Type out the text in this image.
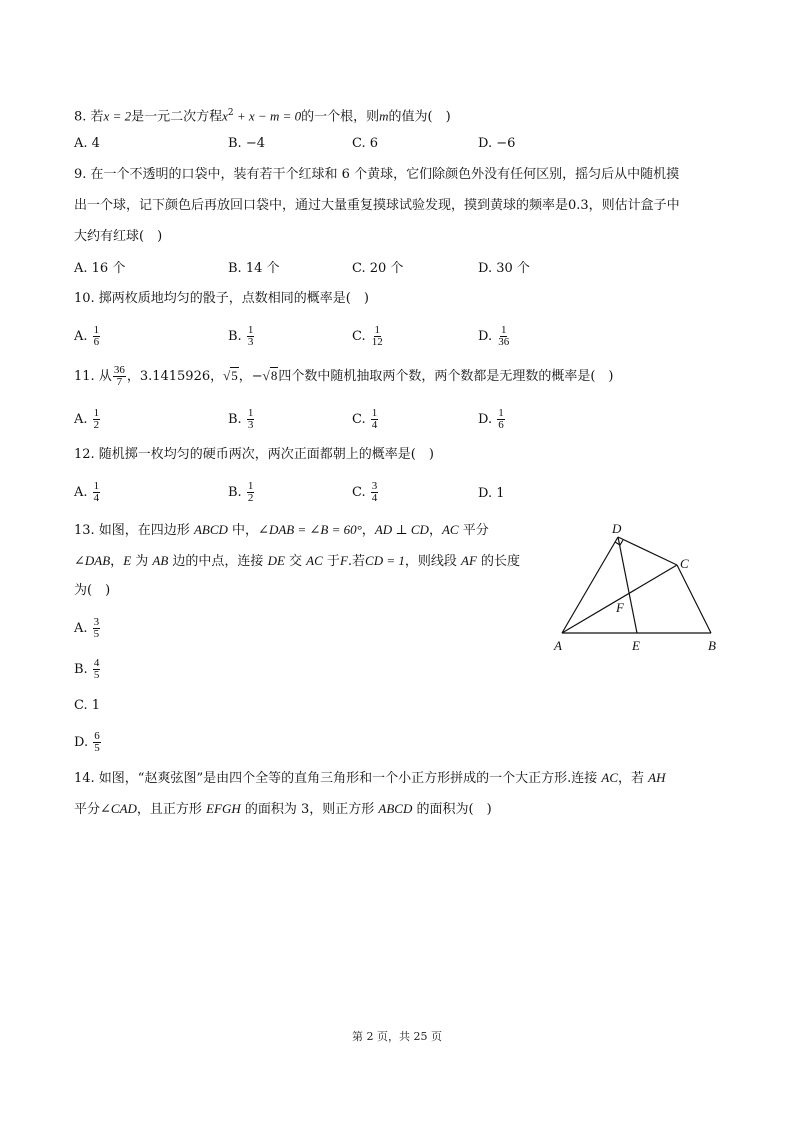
8. 若x = 2是一元二次方程$x^2 + x - m = 0$的一个根，则m的值为(　)
A. 4	B. −4	C. 6	D. −6
9. 在一个不透明的口袋中，装有若干个红球和 6 个黄球，它们除颜色外没有任何区别，摇匀后从中随机摸
出一个球，记下颜色后再放回口袋中，通过大量重复摸球试验发现，摸到黄球的频率是0.3，则估计盒子中
大约有红球(　)
A. 16 个	B. 14 个	C. 20 个	D. 30 个
10. 掷两枚质地均匀的骰子，点数相同的概率是(　)
A. $\frac{1}{6}$	B. $\frac{1}{3}$	C. $\frac{1}{12}$	D. $\frac{1}{36}$
11. 从 $\frac{36}{7}$ ，3.1415926，√5，−√8四个数中随机抽取两个数，两个数都是无理数的概率是(　)
A. $\frac{1}{2}$	B. $\frac{1}{3}$	C. $\frac{1}{4}$	D. $\frac{1}{6}$
12. 随机掷一枚均匀的硬币两次，两次正面都朝上的概率是(　)
A. $\frac{1}{4}$	B. $\frac{1}{2}$	C. $\frac{3}{4}$	D. 1
13. 如图，在四边形 ABCD 中，∠DAB = ∠B = 60°，AD ⊥ CD，AC 平分
∠DAB，E 为 AB 边的中点，连接 DE 交 AC 于F.若CD = 1，则线段 AF 的长度
为(　)
A. $\frac{3}{5}$
B. $\frac{4}{5}$
C. 1
D. $\frac{6}{5}$
D
C
F
A	E	B
14. 如图，“赵爽弦图”是由四个全等的直角三角形和一个小正方形拼成的一个大正方形.连接 AC，若 AH
平分∠CAD，且正方形 EFGH 的面积为 3，则正方形 ABCD 的面积为(　)
第 2 页，共 25 页
